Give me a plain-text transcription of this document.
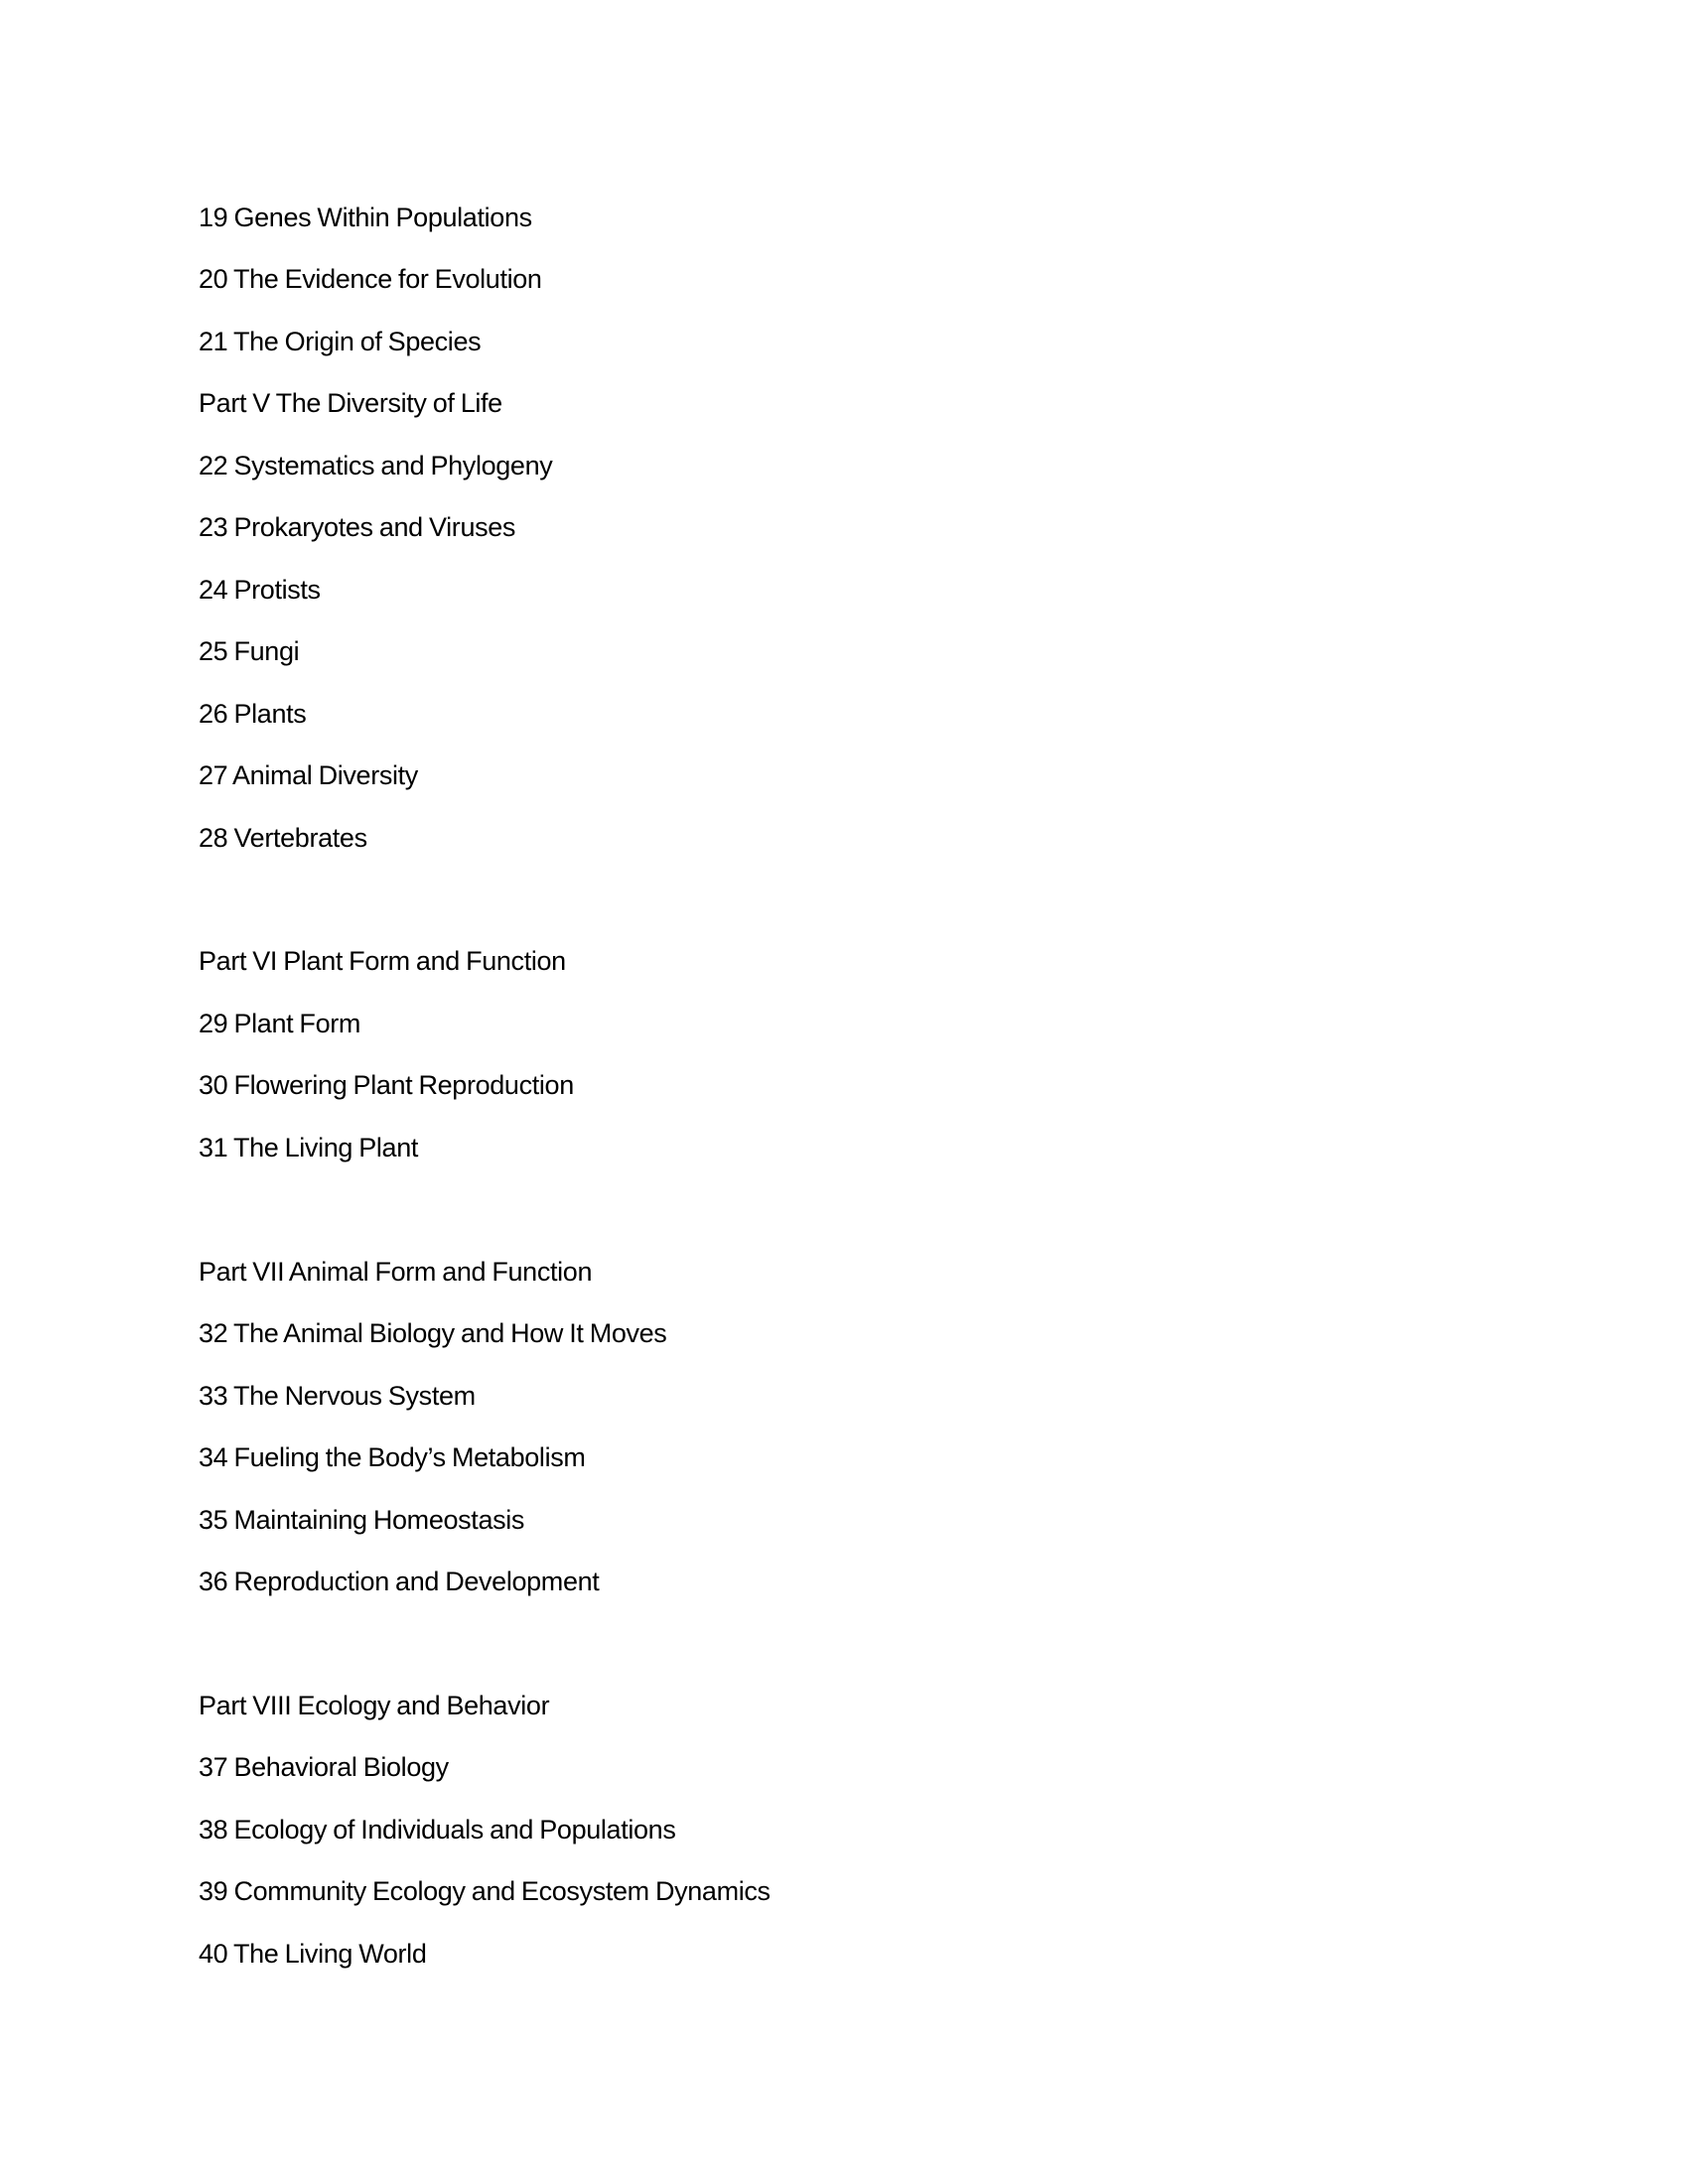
19 Genes Within Populations
20 The Evidence for Evolution
21 The Origin of Species
Part V The Diversity of Life
22 Systematics and Phylogeny
23 Prokaryotes and Viruses
24 Protists
25 Fungi
26 Plants
27 Animal Diversity
28 Vertebrates
Part VI Plant Form and Function
29 Plant Form
30 Flowering Plant Reproduction
31 The Living Plant
Part VII Animal Form and Function
32 The Animal Biology and How It Moves
33 The Nervous System
34 Fueling the Body’s Metabolism
35 Maintaining Homeostasis
36 Reproduction and Development
Part VIII Ecology and Behavior
37 Behavioral Biology
38 Ecology of Individuals and Populations
39 Community Ecology and Ecosystem Dynamics
40 The Living World
